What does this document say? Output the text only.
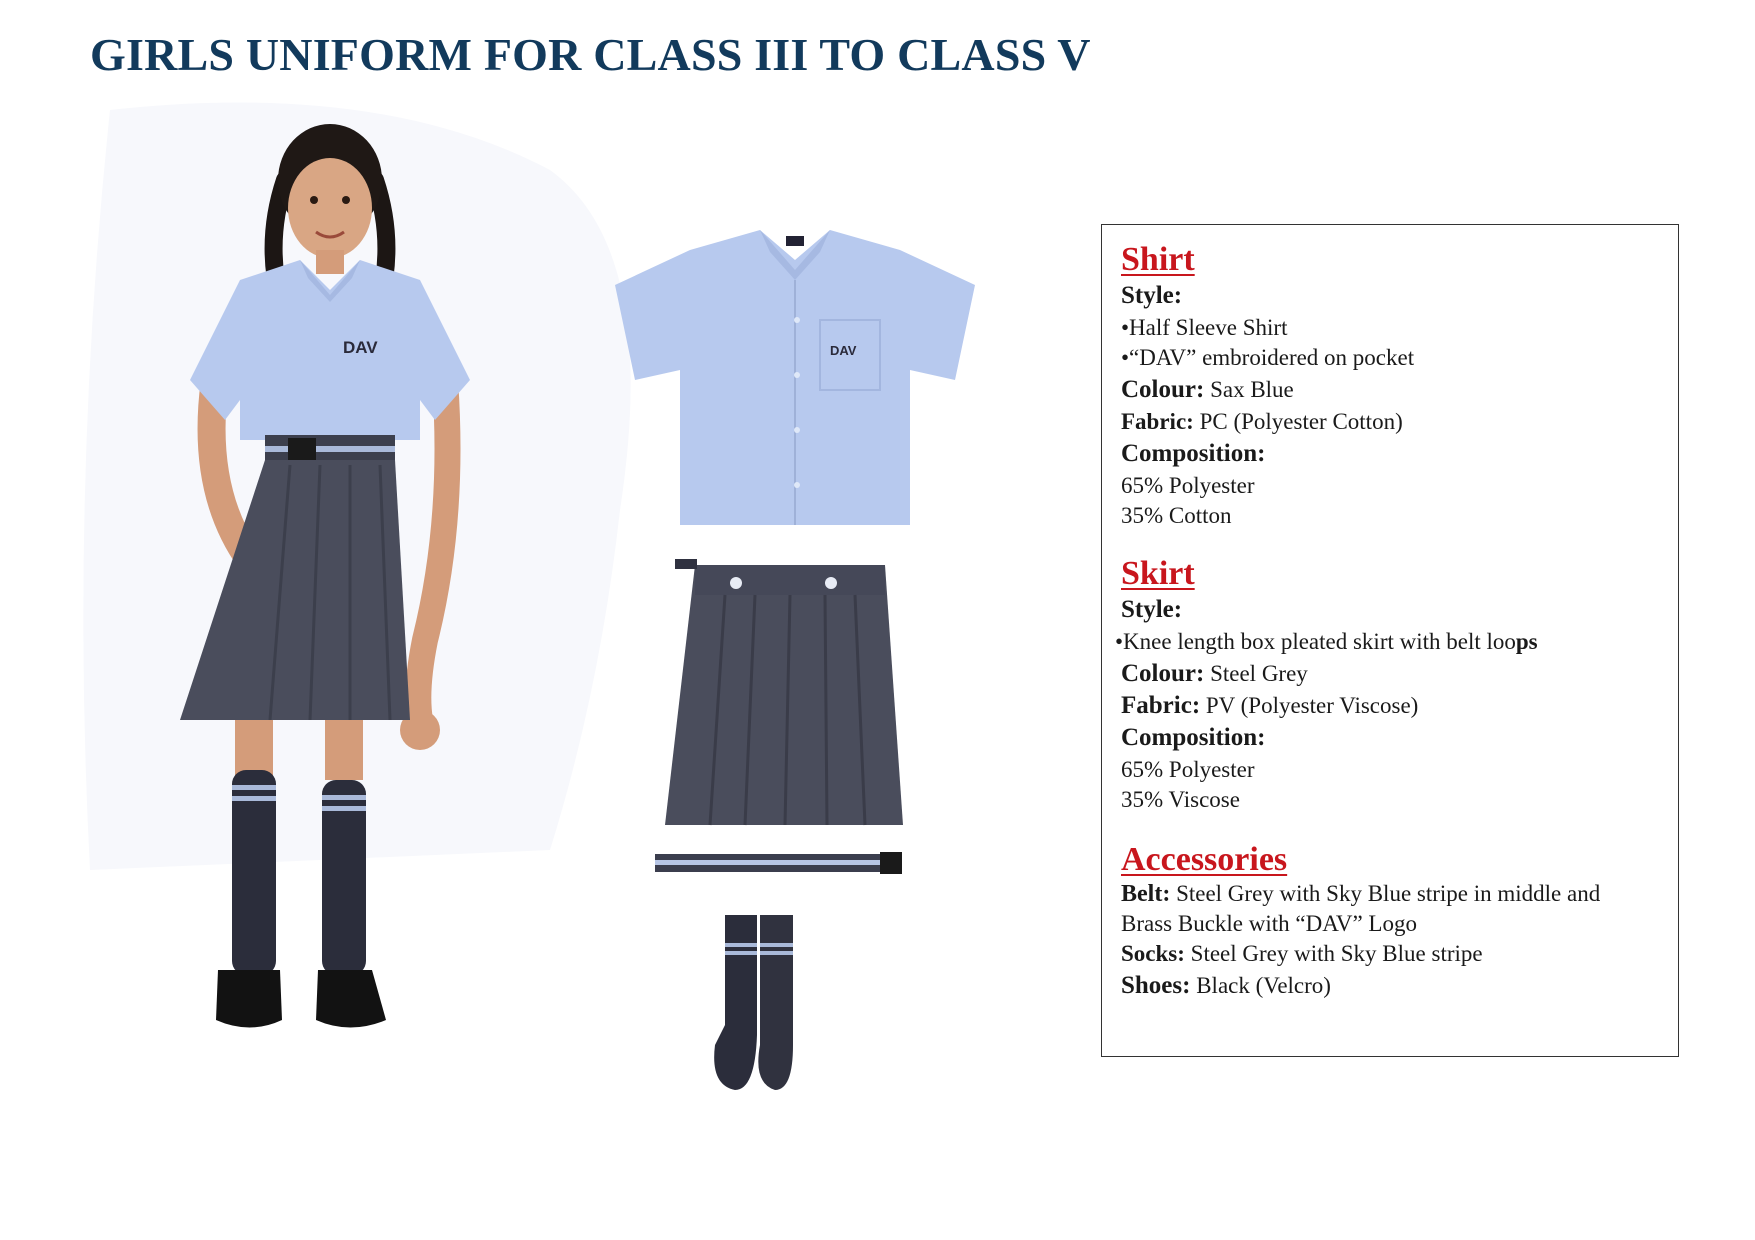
GIRLS UNIFORM FOR CLASS III TO CLASS V
DAV	DAV

Shirt

Style:

•Half Sleeve Shirt

•“DAV” embroidered on pocket

Colour: Sax Blue

Fabric: PC (Polyester Cotton)

Composition:

65% Polyester

35% Cotton

Skirt

Style:

•Knee length box pleated skirt with belt loops

Colour: Steel Grey

Fabric: PV (Polyester Viscose)

Composition:

65% Polyester

35% Viscose

Accessories

Belt: Steel Grey with Sky Blue stripe in middle and

Brass Buckle with “DAV” Logo

Socks: Steel Grey with Sky Blue stripe

Shoes: Black (Velcro)
